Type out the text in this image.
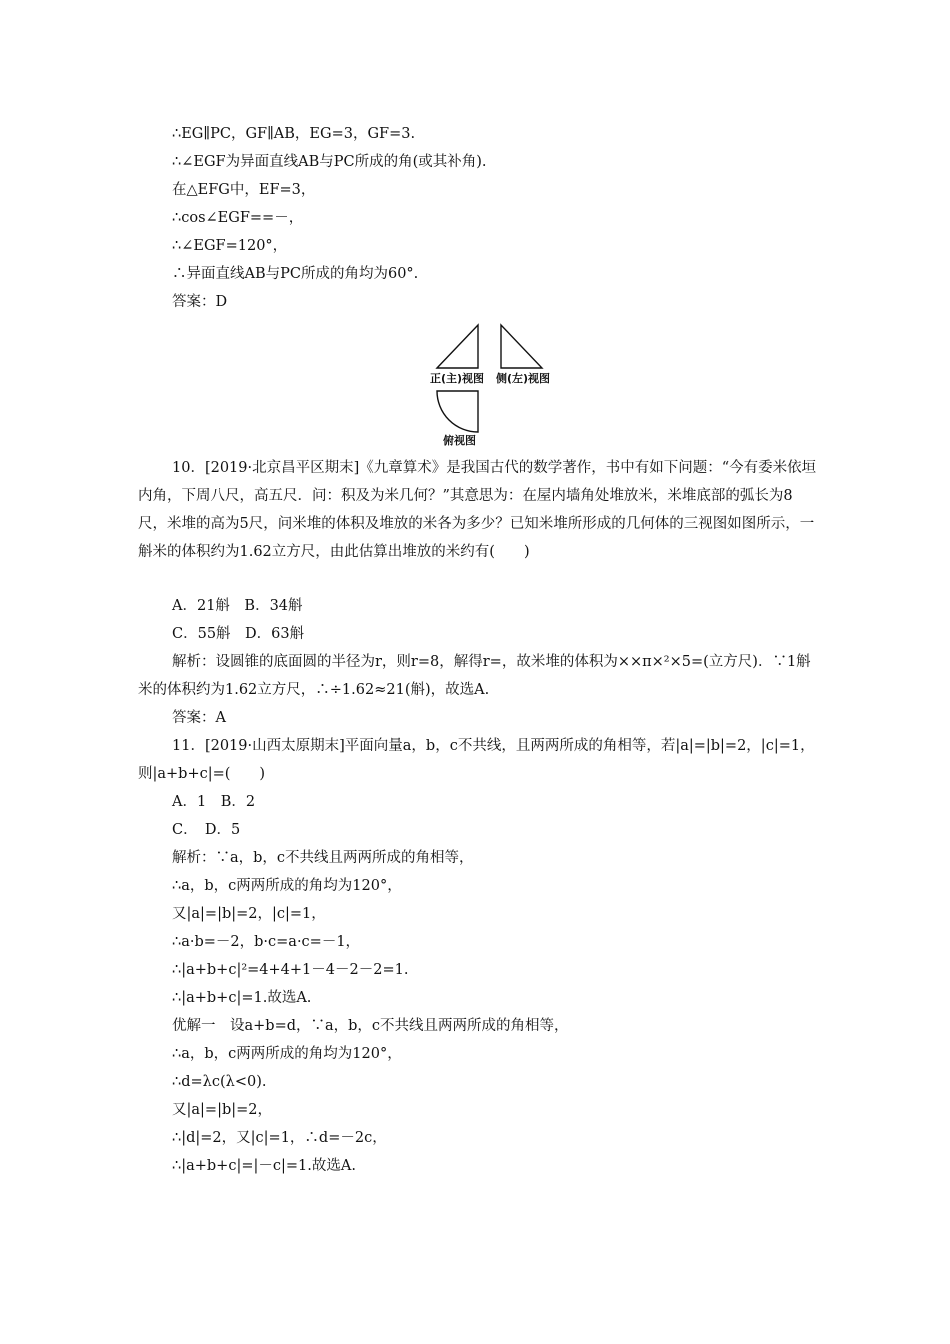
∴EG∥PC，GF∥AB，EG=3，GF=3.
∴∠EGF为异面直线AB与PC所成的角(或其补角).
在△EFG中，EF=3，
∴cos∠EGF==－，
∴∠EGF=120°，
∴异面直线AB与PC所成的角均为60°.
答案：D
正(主)视图 侧(左)视图
俯视图
10．[2019·北京昌平区期末]《九章算术》是我国古代的数学著作，书中有如下问题：“今有委米依垣内角，下周八尺，高五尺．问：积及为米几何？”其意思为：在屋内墙角处堆放米，米堆底部的弧长为8尺，米堆的高为5尺，问米堆的体积及堆放的米各为多少？已知米堆所形成的几何体的三视图如图所示，一斛米的体积约为1.62立方尺，由此估算出堆放的米约有(　　)
A．21斛　B．34斛
C．55斛　D．63斛
解析：设圆锥的底面圆的半径为r，则r=8，解得r=，故米堆的体积为××π×²×5=(立方尺)．∵1斛米的体积约为1.62立方尺，∴÷1.62≈21(斛)，故选A.
答案：A
11．[2019·山西太原期末]平面向量a，b，c不共线，且两两所成的角相等，若|a|=|b|=2，|c|=1，则|a+b+c|=(　　)
A．1　B．2
C．　D．5
解析：∵a，b，c不共线且两两所成的角相等，
∴a，b，c两两所成的角均为120°，
又|a|=|b|=2，|c|=1，
∴a·b=－2，b·c=a·c=－1，
∴|a+b+c|²=4+4+1－4－2－2=1.
∴|a+b+c|=1.故选A.
优解一　设a+b=d，∵a，b，c不共线且两两所成的角相等，
∴a，b，c两两所成的角均为120°，
∴d=λc(λ<0).
又|a|=|b|=2，
∴|d|=2，又|c|=1，∴d=－2c，
∴|a+b+c|=|－c|=1.故选A.
